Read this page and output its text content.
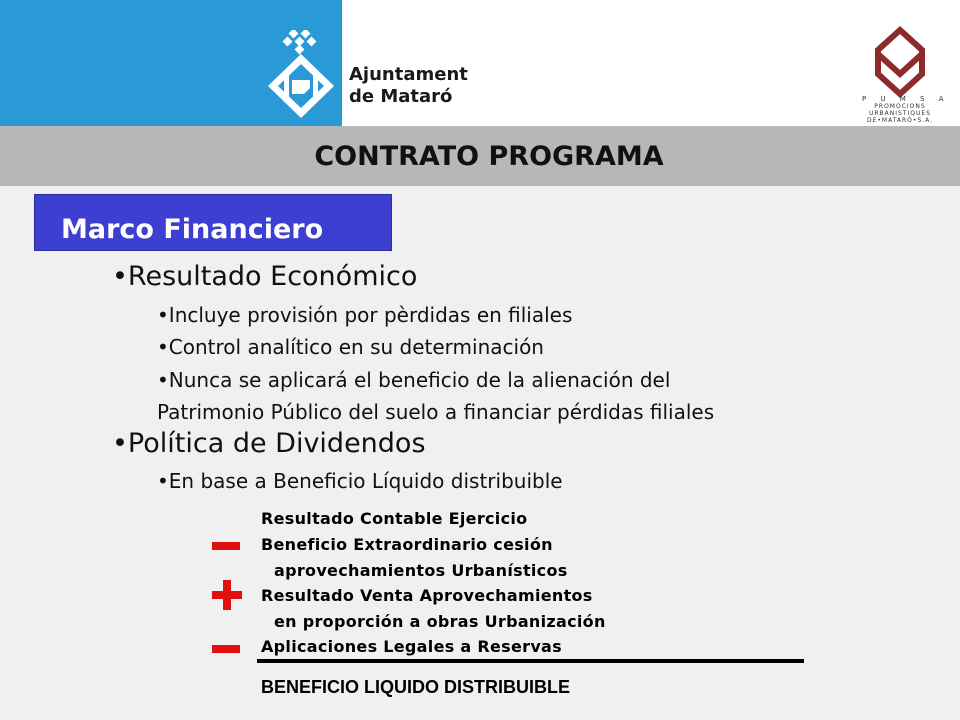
Ajuntament
de Mataró	P U M S A
PROMOCIONS
URBANISTIQUES
DE•MATARÓ•S.A.
CONTRATO PROGRAMA
Marco Financiero
•Resultado Económico
•Incluye provisión por pèrdidas en filiales
•Control analítico en su determinación
•Nunca se aplicará el beneficio de la alienación del
Patrimonio Público del suelo a financiar pérdidas filiales
•Política de Dividendos
•En base a Beneficio Líquido distribuible
Resultado Contable Ejercicio
Beneficio Extraordinario cesión
aprovechamientos Urbanísticos
Resultado Venta Aprovechamientos
en proporción a obras Urbanización
Aplicaciones Legales a Reservas
BENEFICIO LIQUIDO DISTRIBUIBLE
